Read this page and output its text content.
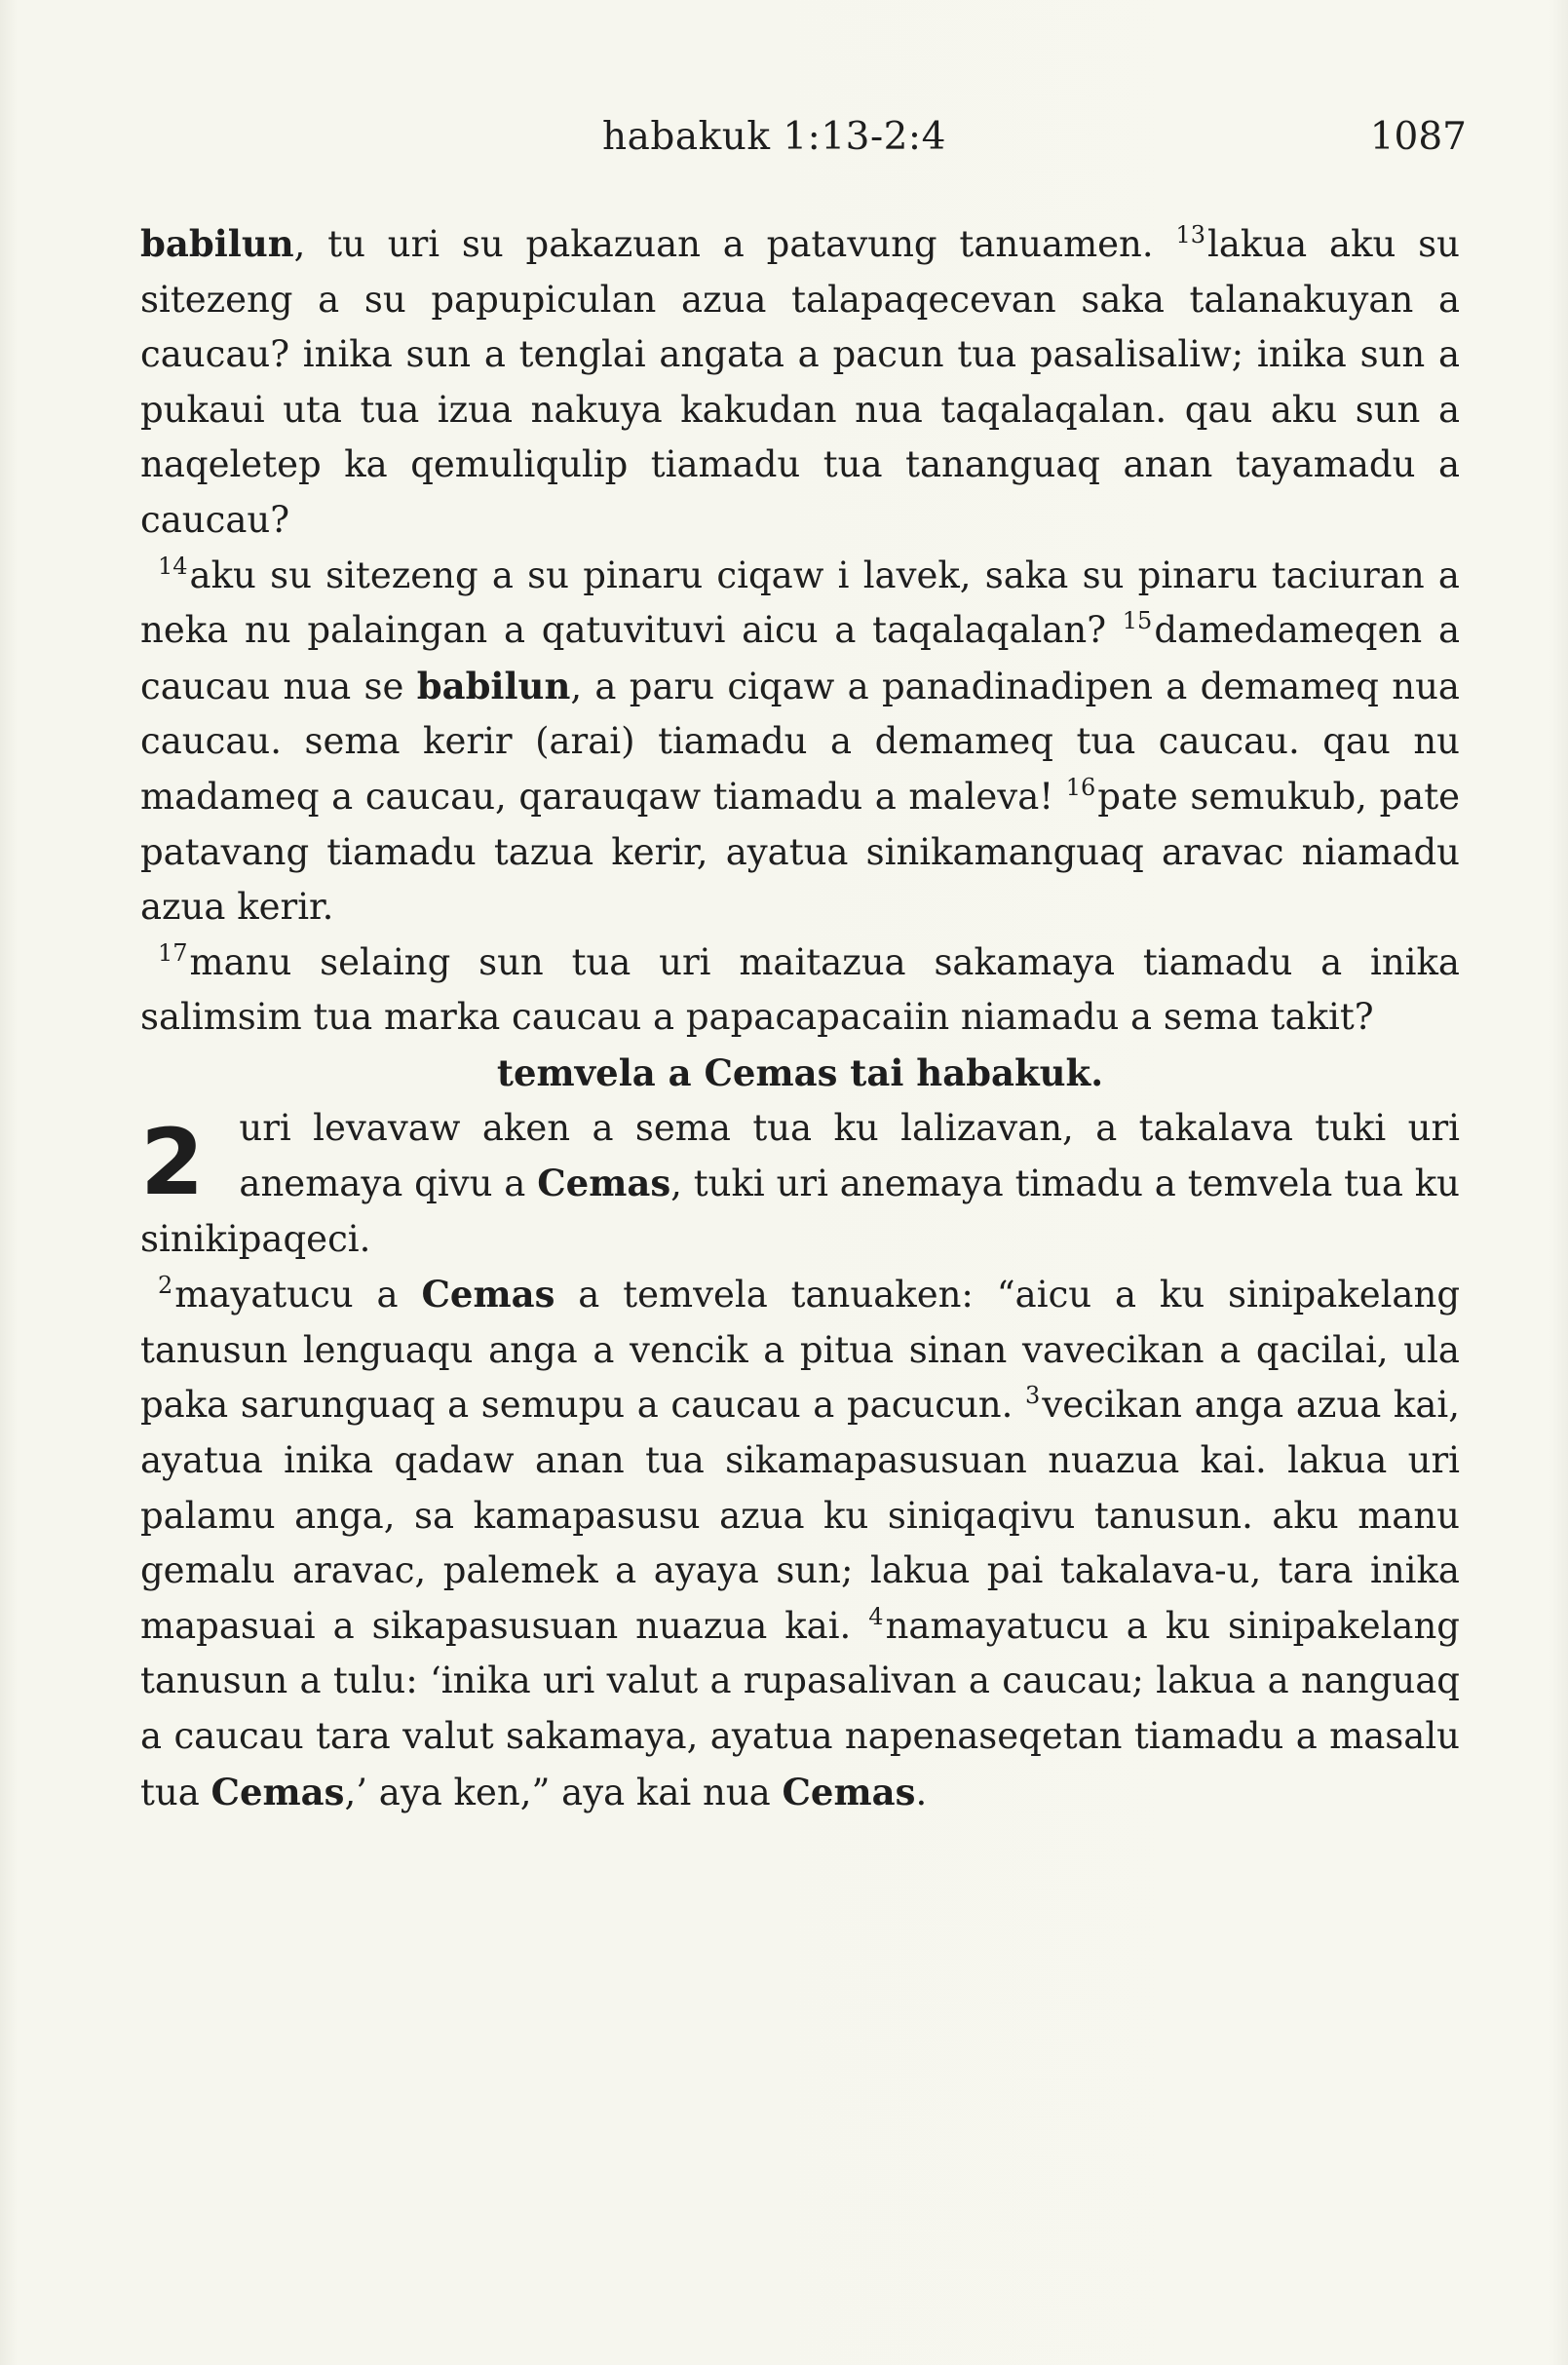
habakuk 1:13-2:4	1087

babilun, tu uri su pakazuan a patavung tanuamen. $^{13}$lakua aku su sitezeng a su papupiculan azua talapaqecevan saka talanakuyan a caucau? inika sun a tenglai angata a pacun tua pasalisaliw; inika sun a pukaui uta tua izua nakuya kakudan nua taqalaqalan. qau aku sun a naqeletep ka qemuliqulip tiamadu tua tananguaq anan tayamadu a caucau?

$^{14}$aku su sitezeng a su pinaru ciqaw i lavek, saka su pinaru taciuran a neka nu palaingan a qatuvituvi aicu a taqalaqalan? $^{15}$damedameqen a caucau nua se babilun, a paru ciqaw a panadinadipen a demameq nua caucau. sema kerir (arai) tiamadu a demameq tua caucau. qau nu madameq a caucau, qarauqaw tiamadu a maleva! $^{16}$pate semukub, pate patavang tiamadu tazua kerir, ayatua sinikamanguaq aravac niamadu azua kerir.

$^{17}$manu selaing sun tua uri maitazua sakamaya tiamadu a inika salimsim tua marka caucau a papacapacaiin niamadu a sema takit?

temvela a Cemas tai habakuk.

2 uri levavaw aken a sema tua ku lalizavan, a takalava tuki uri anemaya qivu a Cemas, tuki uri anemaya timadu a temvela tua ku sinikipaqeci.

$^2$mayatucu a Cemas a temvela tanuaken: “aicu a ku sinipakelang tanusun lenguaqu anga a vencik a pitua sinan vavecikan a qacilai, ula paka sarunguaq a semupu a caucau a pacucun. $^3$vecikan anga azua kai, ayatua inika qadaw anan tua sikamapasusuan nuazua kai. lakua uri palamu anga, sa kamapasusu azua ku siniqaqivu tanusun. aku manu gemalu aravac, palemek a ayaya sun; lakua pai takalava-u, tara inika mapasuai a sikapasusuan nuazua kai. $^4$namayatucu a ku sinipakelang tanusun a tulu: ‘inika uri valut a rupasalivan a caucau; lakua a nanguaq a caucau tara valut sakamaya, ayatua napenaseqetan tiamadu a masalu tua Cemas,’ aya ken,” aya kai nua Cemas.
